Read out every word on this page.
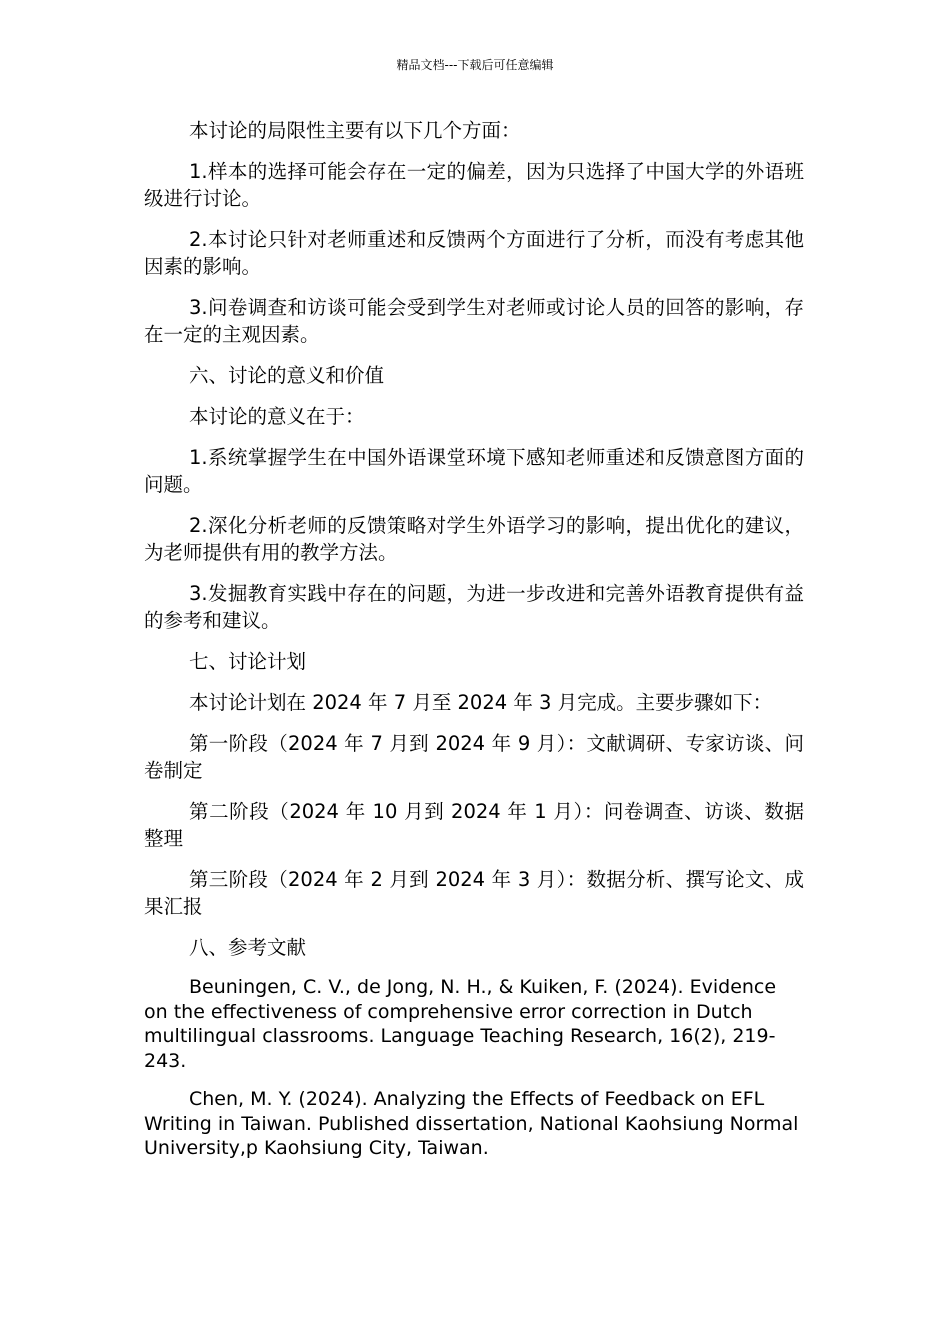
精品文档---下载后可任意编辑

本讨论的局限性主要有以下几个方面：

1.样本的选择可能会存在一定的偏差，因为只选择了中国大学的外语班级进行讨论。

2.本讨论只针对老师重述和反馈两个方面进行了分析，而没有考虑其他因素的影响。

3.问卷调查和访谈可能会受到学生对老师或讨论人员的回答的影响，存在一定的主观因素。

六、讨论的意义和价值

本讨论的意义在于：

1.系统掌握学生在中国外语课堂环境下感知老师重述和反馈意图方面的问题。

2.深化分析老师的反馈策略对学生外语学习的影响，提出优化的建议，为老师提供有用的教学方法。

3.发掘教育实践中存在的问题，为进一步改进和完善外语教育提供有益的参考和建议。

七、讨论计划

本讨论计划在 2024 年 7 月至 2024 年 3 月完成。主要步骤如下：

第一阶段（2024 年 7 月到 2024 年 9 月）：文献调研、专家访谈、问卷制定

第二阶段（2024 年 10 月到 2024 年 1 月）：问卷调查、访谈、数据整理

第三阶段（2024 年 2 月到 2024 年 3 月）：数据分析、撰写论文、成果汇报

八、参考文献

Beuningen, C. V., de Jong, N. H., & Kuiken, F. (2024). Evidence on the effectiveness of comprehensive error correction in Dutch multilingual classrooms. Language Teaching Research, 16(2), 219-243.

Chen, M. Y. (2024). Analyzing the Effects of Feedback on EFL Writing in Taiwan. Published dissertation, National Kaohsiung Normal University,p Kaohsiung City, Taiwan.
